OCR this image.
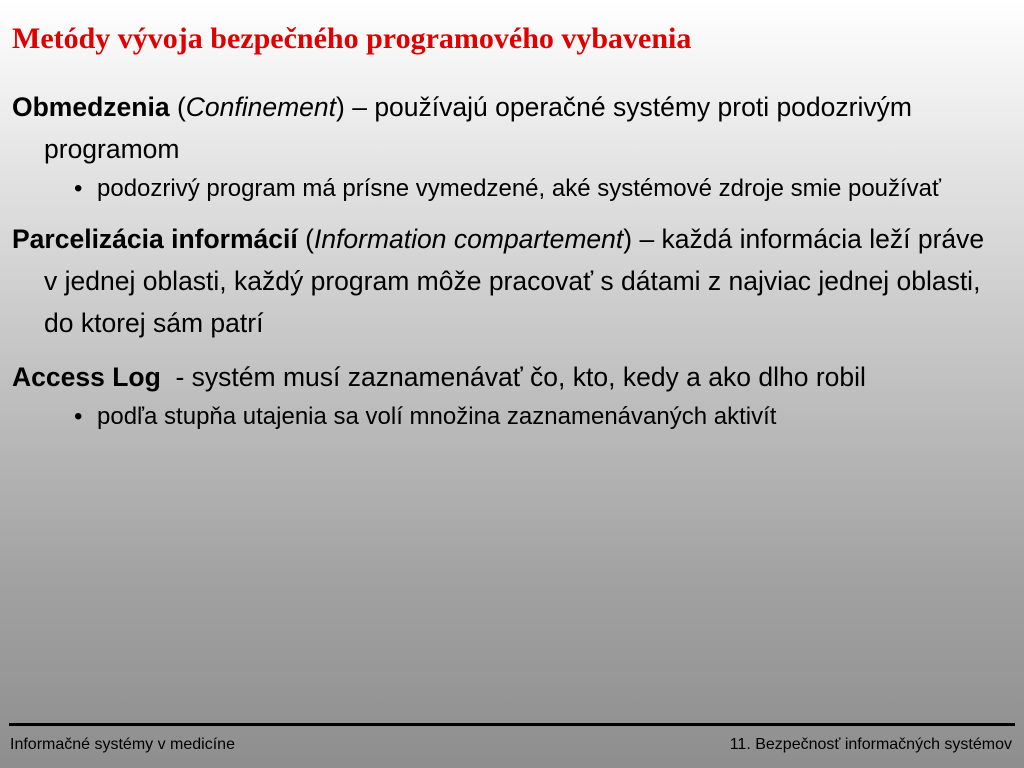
Metódy vývoja bezpečného programového vybavenia

Obmedzenia (Confinement) – používajú operačné systémy proti podozrivým programom

• podozrivý program má prísne vymedzené, aké systémové zdroje smie používať

Parcelizácia informácií (Information compartement) – každá informácia leží práve v jednej oblasti, každý program môže pracovať s dátami z najviac jednej oblasti, do ktorej sám patrí

Access Log  - systém musí zaznamenávať čo, kto, kedy a ako dlho robil

• podľa stupňa utajenia sa volí množina zaznamenávaných aktivít

Informačné systémy v medicíne	11. Bezpečnosť informačných systémov
